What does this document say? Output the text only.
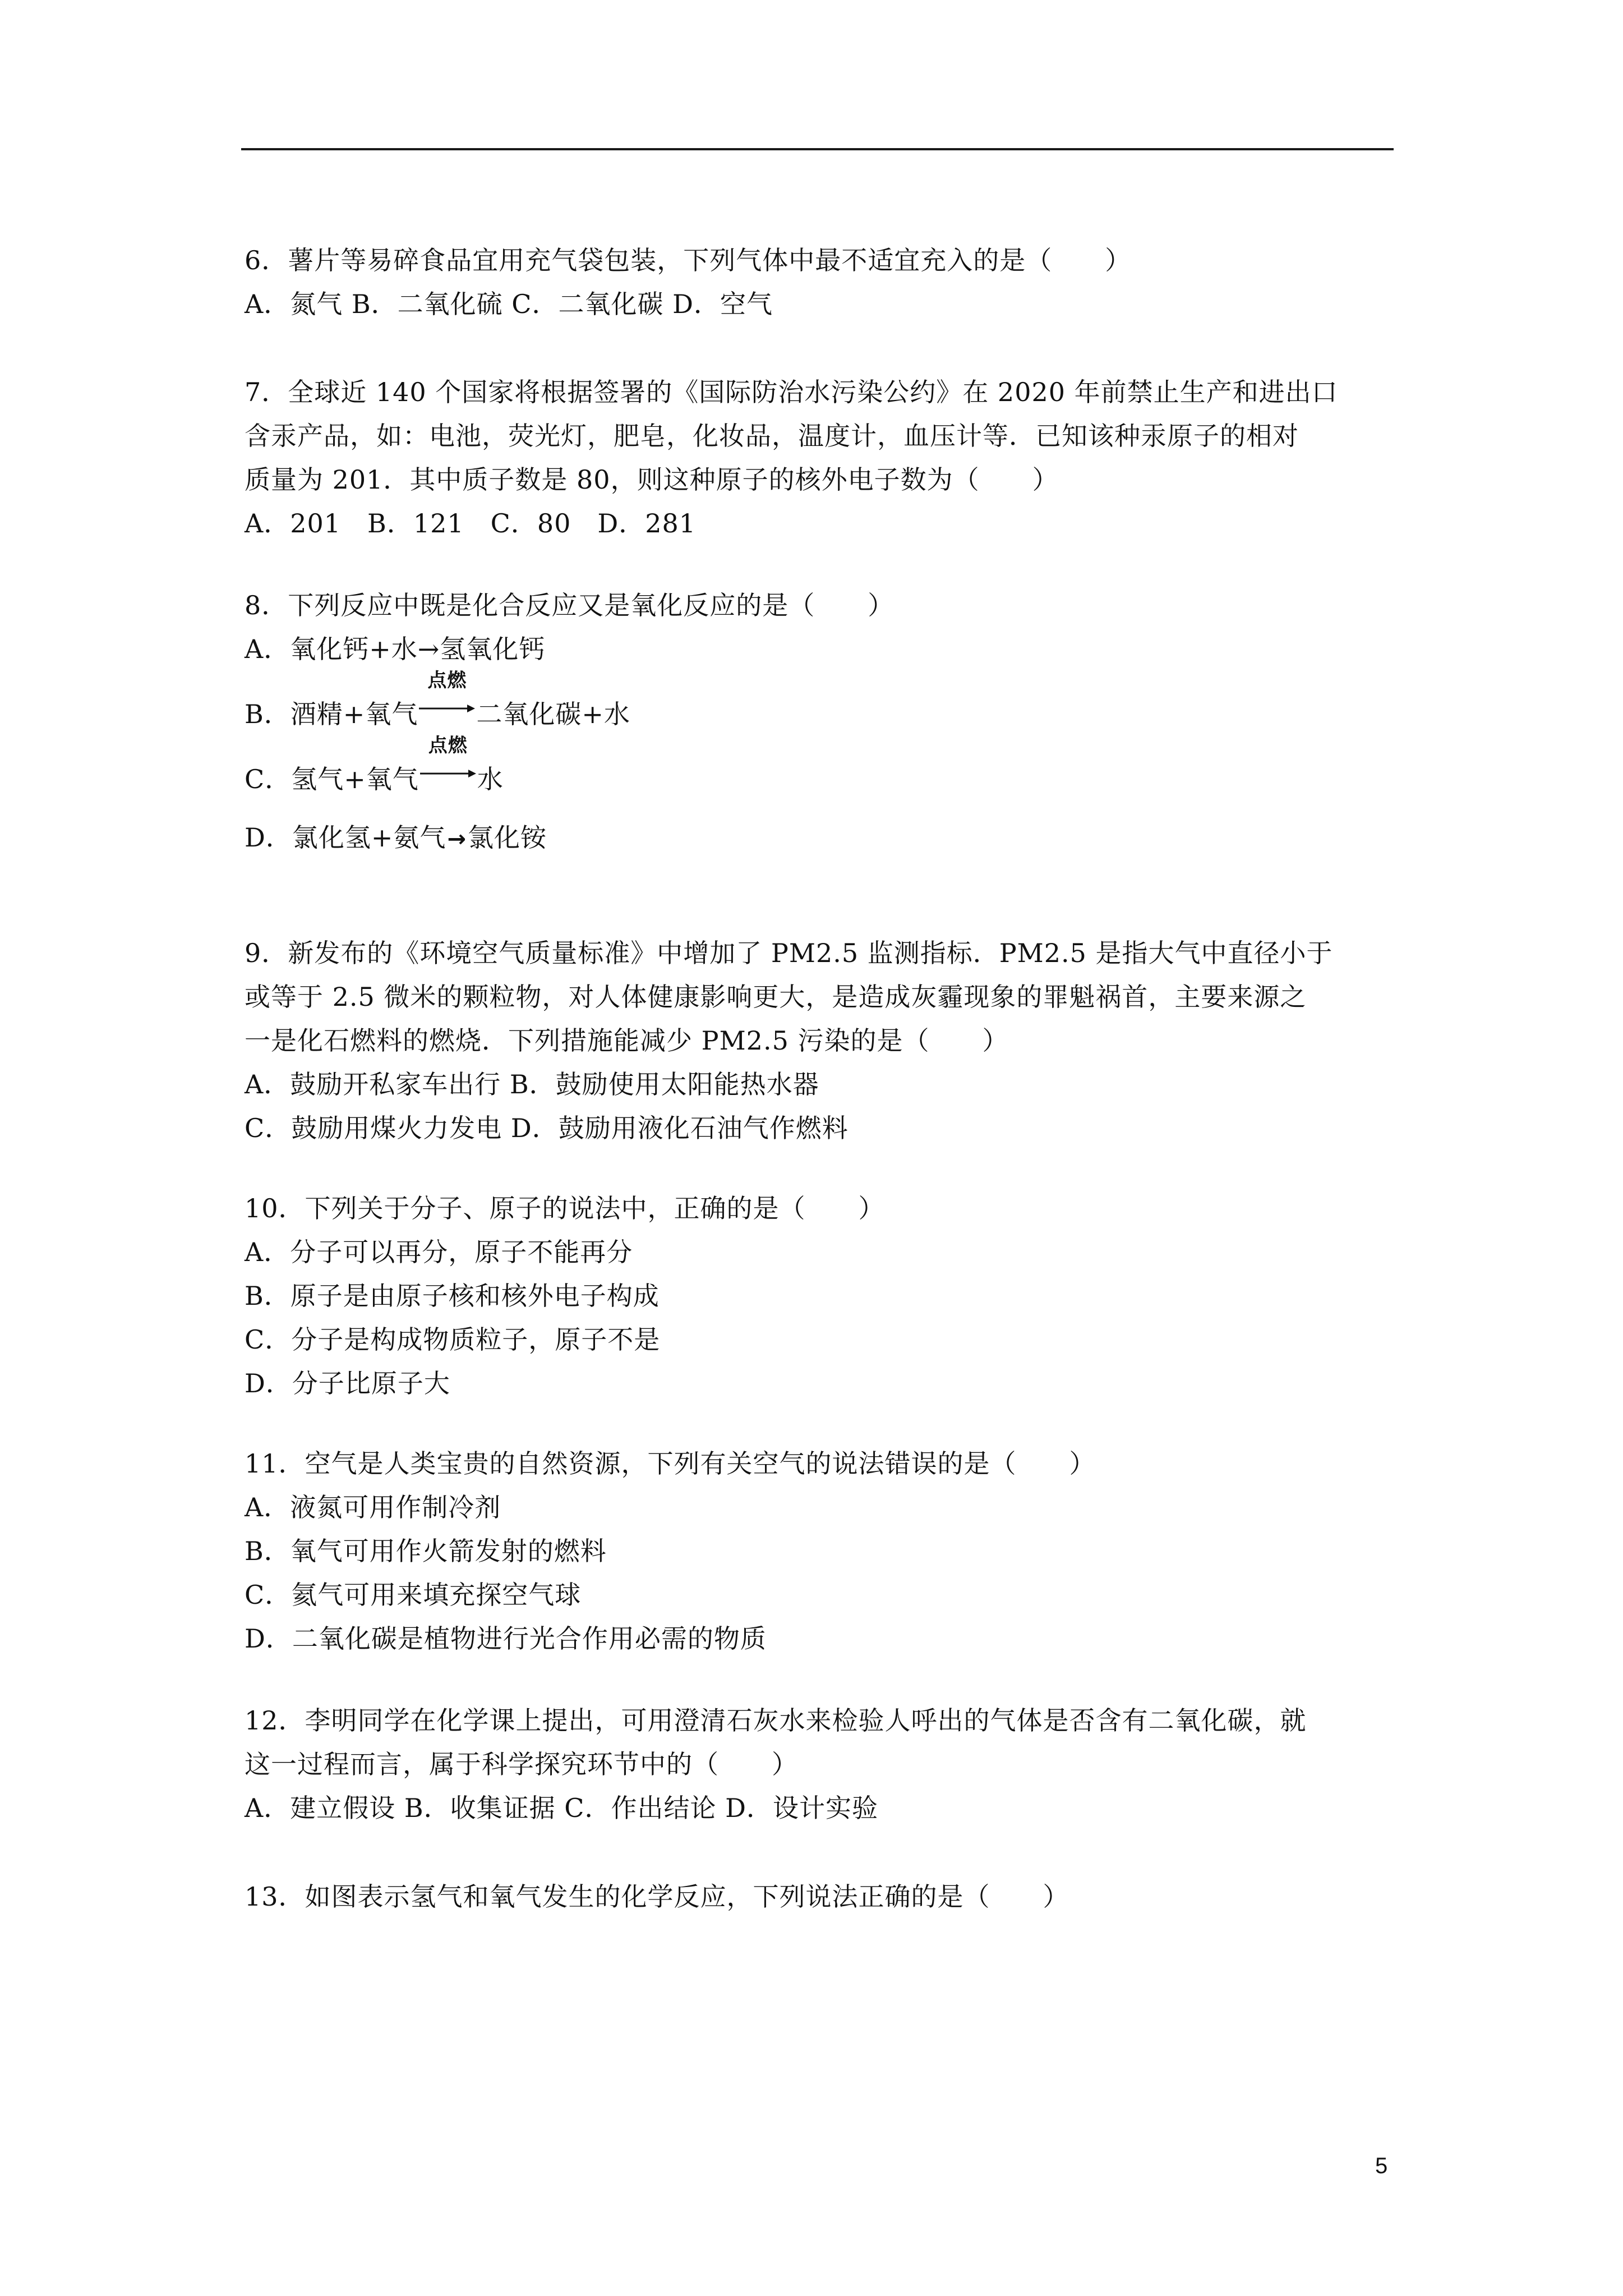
6．薯片等易碎食品宜用充气袋包装，下列气体中最不适宜充入的是（　　）
A．氮气 B．二氧化硫 C．二氧化碳 D．空气
7．全球近 140 个国家将根据签署的《国际防治水污染公约》在 2020 年前禁止生产和进出口
含汞产品，如：电池，荧光灯，肥皂，化妆品，温度计，血压计等．已知该种汞原子的相对
质量为 201．其中质子数是 80，则这种原子的核外电子数为（　　）
A．201　B．121　C．80　D．281
8．下列反应中既是化合反应又是氧化反应的是（　　）
A．氧化钙+水→氢氧化钙
B．酒精+氧气
点燃
二氧化碳+水
C．氢气+氧气
点燃
水
D．氯化氢+氨气→氯化铵
9．新发布的《环境空气质量标准》中增加了 PM2.5 监测指标．PM2.5 是指大气中直径小于
或等于 2.5 微米的颗粒物，对人体健康影响更大，是造成灰霾现象的罪魁祸首，主要来源之
一是化石燃料的燃烧．下列措施能减少 PM2.5 污染的是（　　）
A．鼓励开私家车出行 B．鼓励使用太阳能热水器
C．鼓励用煤火力发电 D．鼓励用液化石油气作燃料
10．下列关于分子、原子的说法中，正确的是（　　）
A．分子可以再分，原子不能再分
B．原子是由原子核和核外电子构成
C．分子是构成物质粒子，原子不是
D．分子比原子大
11．空气是人类宝贵的自然资源，下列有关空气的说法错误的是（　　）
A．液氮可用作制冷剂
B．氧气可用作火箭发射的燃料
C．氦气可用来填充探空气球
D．二氧化碳是植物进行光合作用必需的物质
12．李明同学在化学课上提出，可用澄清石灰水来检验人呼出的气体是否含有二氧化碳，就
这一过程而言，属于科学探究环节中的（　　）
A．建立假设 B．收集证据 C．作出结论 D．设计实验
13．如图表示氢气和氧气发生的化学反应，下列说法正确的是（　　）
5
